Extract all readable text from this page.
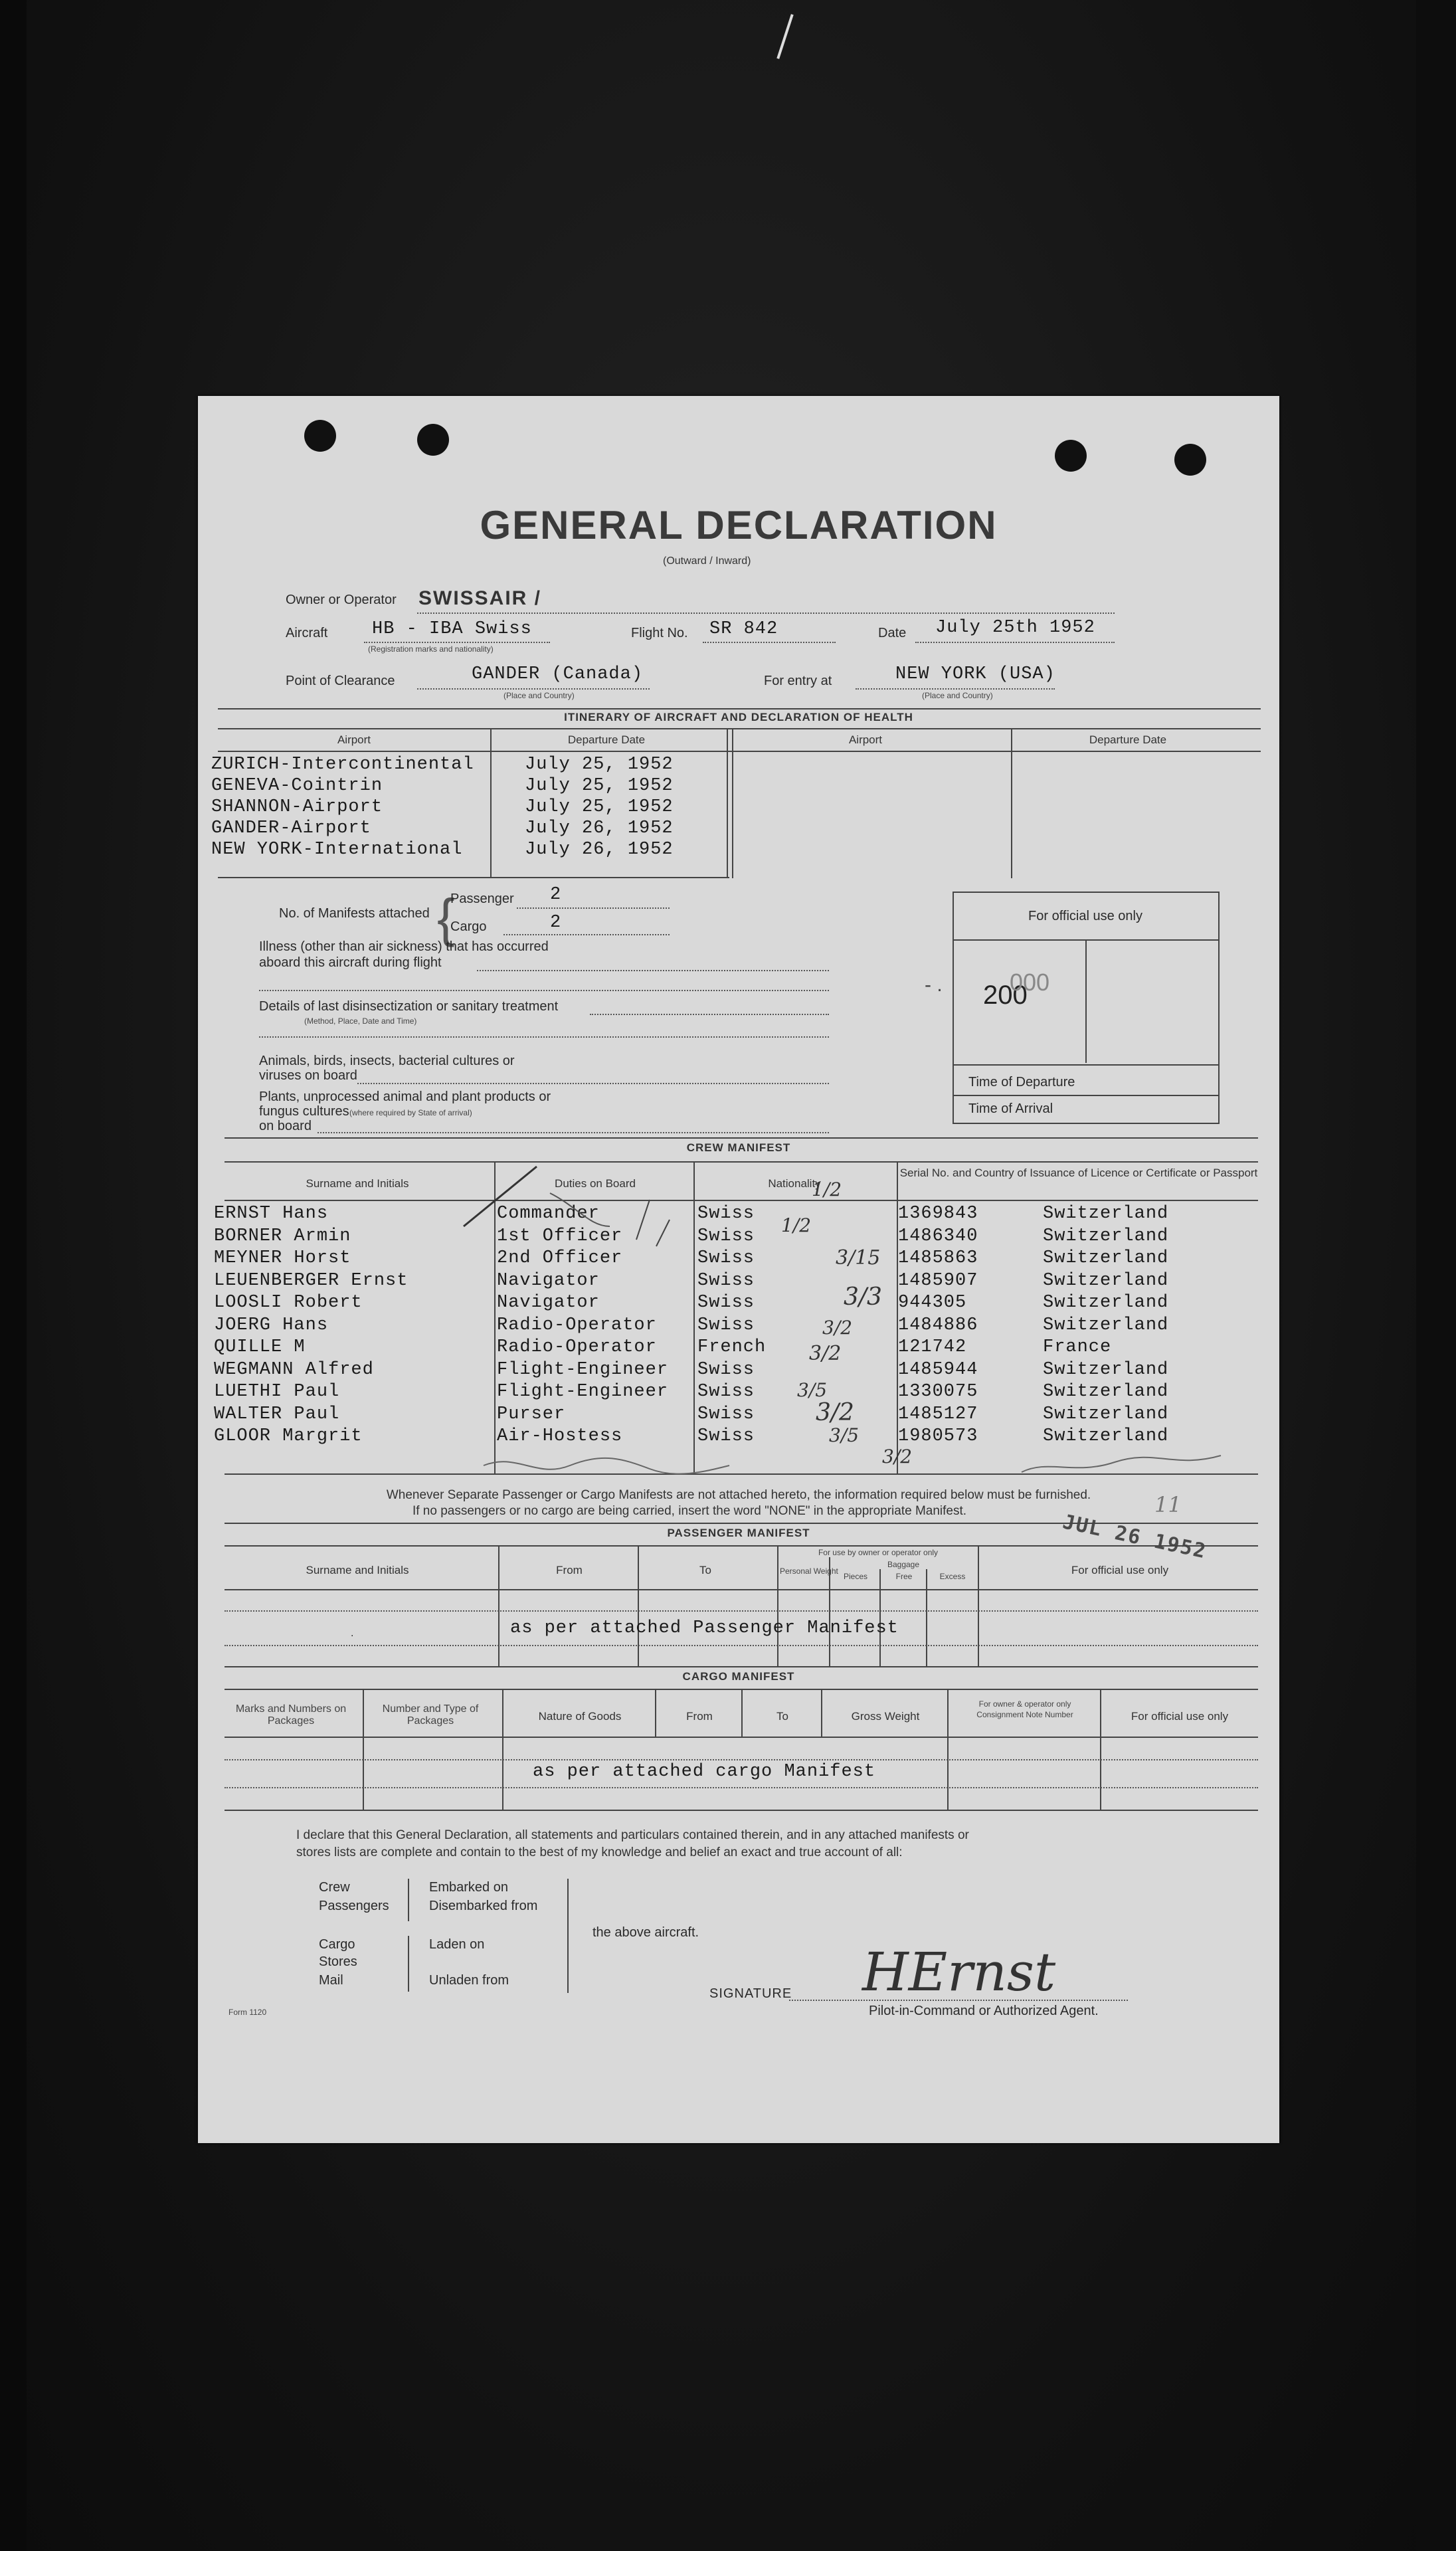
GENERAL DECLARATION
(Outward / Inward)
Owner or Operator SWISSAIR /
Aircraft HB - IBA Swiss
(Registration marks and nationality)
Flight No. SR 842	Date July 25th 1952
Point of Clearance	GANDER (Canada)
(Place and Country)
For entry at	NEW YORK (USA)
(Place and Country)
ITINERARY OF AIRCRAFT AND DECLARATION OF HEALTH
Airport	Departure Date	Airport	Departure Date
ZURICH-Intercontinental	July 25, 1952
GENEVA-Cointrin	July 25, 1952
SHANNON-Airport	July 25, 1952
GANDER-Airport	July 26, 1952
NEW YORK-International	July 26, 1952
No. of Manifests attached {
Passenger 2
Cargo	2
Illness (other than air sickness) that has occurred
aboard this aircraft during flight
Details of last disinsectization or sanitary treatment
(Method, Place, Date and Time)
Animals, birds, insects, bacterial cultures or
viruses on board
Plants, unprocessed animal and plant products or
fungus cultures (where required by State of arrival)
on board
For official use only
200
000
- .
Time of Departure
Time of Arrival
CREW MANIFEST
Surname and Initials	Duties on Board	Nationality
Serial No. and Country of Issuance of Licence or Certificate or Passport
ERNST Hans	Commander	Swiss	1369843	Switzerland
BORNER Armin	1st Officer	Swiss	1486340	Switzerland
MEYNER Horst	2nd Officer	Swiss	1485863	Switzerland
LEUENBERGER Ernst	Navigator	Swiss	1485907	Switzerland
LOOSLI Robert	Navigator	Swiss	944305	Switzerland
JOERG Hans	Radio-Operator Swiss	1484886	Switzerland
QUILLE M	Radio-Operator French	121742	France
WEGMANN Alfred	Flight-Engineer Swiss	1485944	Switzerland
LUETHI Paul	Flight-Engineer Swiss	1330075	Switzerland
WALTER Paul	Purser	Swiss	1485127	Switzerland
GLOOR Margrit	Air-Hostess	Swiss	1980573	Switzerland
1/2
1/2
3/15
3/3
3/2
3/2
3/5
3/2
3/5
3/2
Whenever Separate Passenger or Cargo Manifests are not attached hereto, the information required below must be furnished.
If no passengers or no cargo are being carried, insert the word "NONE" in the appropriate Manifest.	JUL 26 1952
11
PASSENGER MANIFEST
Surname and Initials	From	To
For use by owner or operator only
Personal Weight
Baggage
Pieces	Free	Excess	For official use only
.	as per attached Passenger Manifest
CARGO MANIFEST
Marks and Numbers on Packages
Number and Type of Packages	Nature of Goods	From	To	Gross Weight
For owner & operator only
Consignment Note Number	For official use only
as per attached cargo Manifest
I declare that this General Declaration, all statements and particulars contained therein, and in any attached manifests or
stores lists are complete and contain to the best of my knowledge and belief an exact and true account of all:
Crew
Passengers
Embarked on
Disembarked from
Cargo
Stores
Mail
Laden on
Unladen from
the above aircraft.
SIGNATURE HErnst
Pilot-in-Command or Authorized Agent.
Form 1120
